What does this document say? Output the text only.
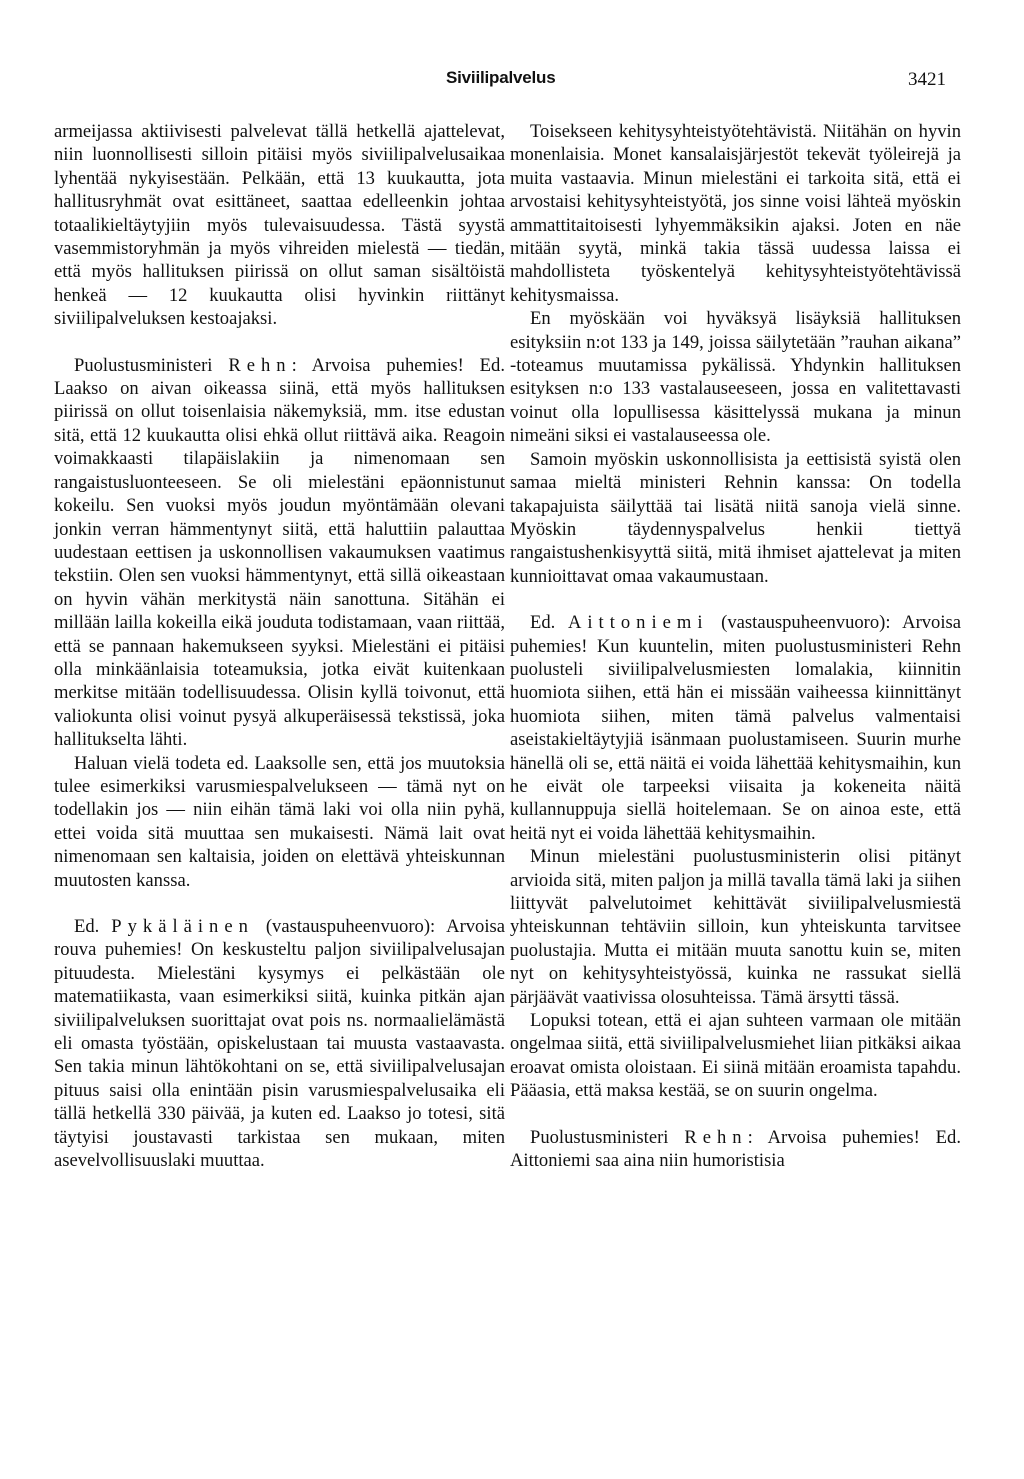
Siviilipalvelus	3421

armeijassa aktiivisesti palvelevat tällä hetkellä ajattelevat, niin luonnollisesti silloin pitäisi myös siviilipalvelusaikaa lyhentää nykyisestään. Pelkään, että 13 kuukautta, jota hallitusryhmät ovat esittäneet, saattaa edelleenkin johtaa totaalikieltäytyjiin myös tulevaisuudessa. Tästä syystä vasemmistoryhmän ja myös vihreiden mielestä — tiedän, että myös hallituksen piirissä on ollut saman sisältöistä henkeä — 12 kuukautta olisi hyvinkin riittänyt siviilipalveluksen kestoajaksi.

Puolustusministeri Rehn: Arvoisa puhemies! Ed. Laakso on aivan oikeassa siinä, että myös hallituksen piirissä on ollut toisenlaisia näkemyksiä, mm. itse edustan sitä, että 12 kuukautta olisi ehkä ollut riittävä aika. Reagoin voimakkaasti tilapäislakiin ja nimenomaan sen rangaistusluonteeseen. Se oli mielestäni epäonnistunut kokeilu. Sen vuoksi myös joudun myöntämään olevani jonkin verran hämmentynyt siitä, että haluttiin palauttaa uudestaan eettisen ja uskonnollisen vakaumuksen vaatimus tekstiin. Olen sen vuoksi hämmentynyt, että sillä oikeastaan on hyvin vähän merkitystä näin sanottuna. Sitähän ei millään lailla kokeilla eikä jouduta todistamaan, vaan riittää, että se pannaan hakemukseen syyksi. Mielestäni ei pitäisi olla minkäänlaisia toteamuksia, jotka eivät kuitenkaan merkitse mitään todellisuudessa. Olisin kyllä toivonut, että valiokunta olisi voinut pysyä alkuperäisessä tekstissä, joka hallitukselta lähti.

Haluan vielä todeta ed. Laaksolle sen, että jos muutoksia tulee esimerkiksi varusmiespalvelukseen — tämä nyt on todellakin jos — niin eihän tämä laki voi olla niin pyhä, ettei voida sitä muuttaa sen mukaisesti. Nämä lait ovat nimenomaan sen kaltaisia, joiden on elettävä yhteiskunnan muutosten kanssa.

Ed. Pykäläinen (vastauspuheenvuoro): Arvoisa rouva puhemies! On keskusteltu paljon siviilipalvelusajan pituudesta. Mielestäni kysymys ei pelkästään ole matematiikasta, vaan esimerkiksi siitä, kuinka pitkän ajan siviilipalveluksen suorittajat ovat pois ns. normaalielämästä eli omasta työstään, opiskelustaan tai muusta vastaavasta. Sen takia minun lähtökohtani on se, että siviilipalvelusajan pituus saisi olla enintään pisin varusmiespalvelusaika eli tällä hetkellä 330 päivää, ja kuten ed. Laakso jo totesi, sitä täytyisi joustavasti tarkistaa sen mukaan, miten asevelvollisuuslaki muuttaa.

Toisekseen kehitysyhteistyötehtävistä. Niitähän on hyvin monenlaisia. Monet kansalaisjärjestöt tekevät työleirejä ja muita vastaavia. Minun mielestäni ei tarkoita sitä, että ei arvostaisi kehitysyhteistyötä, jos sinne voisi lähteä myöskin ammattitaitoisesti lyhyemmäksikin ajaksi. Joten en näe mitään syytä, minkä takia tässä uudessa laissa ei mahdollisteta työskentelyä kehitysyhteistyötehtävissä kehitysmaissa.

En myöskään voi hyväksyä lisäyksiä hallituksen esityksiin n:ot 133 ja 149, joissa säilytetään ”rauhan aikana” -toteamus muutamissa pykälissä. Yhdynkin hallituksen esityksen n:o 133 vastalauseeseen, jossa en valitettavasti voinut olla lopullisessa käsittelyssä mukana ja minun nimeäni siksi ei vastalauseessa ole.

Samoin myöskin uskonnollisista ja eettisistä syistä olen samaa mieltä ministeri Rehnin kanssa: On todella takapajuista säilyttää tai lisätä niitä sanoja vielä sinne. Myöskin täydennyspalvelus henkii tiettyä rangaistushenkisyyttä siitä, mitä ihmiset ajattelevat ja miten kunnioittavat omaa vakaumustaan.

Ed. Aittoniemi (vastauspuheenvuoro): Arvoisa puhemies! Kun kuuntelin, miten puolustusministeri Rehn puolusteli siviilipalvelusmiesten lomalakia, kiinnitin huomiota siihen, että hän ei missään vaiheessa kiinnittänyt huomiota siihen, miten tämä palvelus valmentaisi aseistakieltäytyjiä isänmaan puolustamiseen. Suurin murhe hänellä oli se, että näitä ei voida lähettää kehitysmaihin, kun he eivät ole tarpeeksi viisaita ja kokeneita näitä kullannuppuja siellä hoitelemaan. Se on ainoa este, että heitä nyt ei voida lähettää kehitysmaihin.

Minun mielestäni puolustusministerin olisi pitänyt arvioida sitä, miten paljon ja millä tavalla tämä laki ja siihen liittyvät palvelutoimet kehittävät siviilipalvelusmiestä yhteiskunnan tehtäviin silloin, kun yhteiskunta tarvitsee puolustajia. Mutta ei mitään muuta sanottu kuin se, miten nyt on kehitysyhteistyössä, kuinka ne rassukat siellä pärjäävät vaativissa olosuhteissa. Tämä ärsytti tässä.

Lopuksi totean, että ei ajan suhteen varmaan ole mitään ongelmaa siitä, että siviilipalvelusmiehet liian pitkäksi aikaa eroavat omista oloistaan. Ei siinä mitään eroamista tapahdu. Pääasia, että maksa kestää, se on suurin ongelma.

Puolustusministeri Rehn: Arvoisa puhemies! Ed. Aittoniemi saa aina niin humoristisia
